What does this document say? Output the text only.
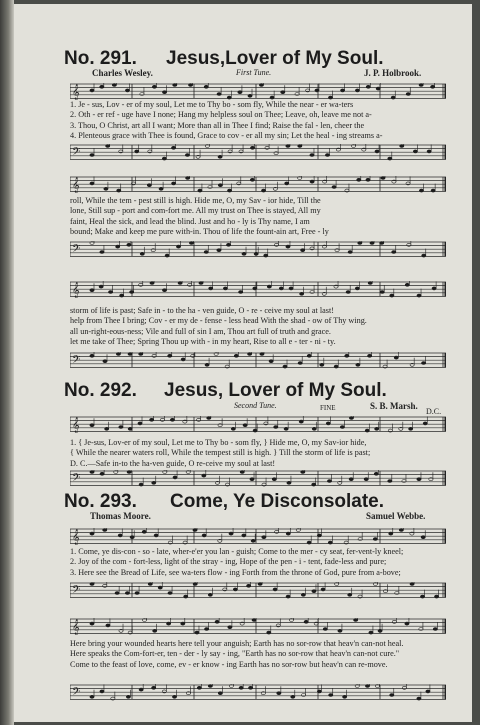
No. 291. Jesus,Lover of My Soul.
Charles Wesley.	First Tune.	J. P. Holbrook.
𝄞
1. Je - sus, Lov - er of my soul, Let me to Thy bo - som fly, While the near - er wa-ters
2. Oth - er ref - uge have I none; Hang my helpless soul on Thee; Leave, oh, leave me not a-
3. Thou, O Christ, art all I want; More than all in Thee I find; Raise the fal - len, cheer the
4. Plenteous grace with Thee is found, Grace to cov - er all my sin; Let the heal - ing streams a-
𝄢
𝄞
roll, While the tem - pest still is high. Hide me, O, my Sav - ior hide, Till the
lone, Still sup - port and com-fort me. All my trust on Thee is stayed, All my
faint, Heal the sick, and lead the blind. Just and ho - ly is Thy name, I am
bound; Make and keep me pure with-in. Thou of life the fount-ain art, Free - ly
𝄢
𝄞
storm of life is past; Safe in - to the ha - ven guide, O - re - ceive my soul at last!
help from Thee I bring; Cov - er my de - fense - less head With the shad - ow of Thy wing.
all un-right-eous-ness; Vile and full of sin I am, Thou art full of truth and grace.
let me take of Thee; Spring Thou up with - in my heart, Rise to all e - ter - ni - ty.
𝄢
No. 292. Jesus, Lover of My Soul.
Second Tune.	FINE	S. B. Marsh.
D.C.
𝄞
1. { Je-sus, Lov-er of my soul, Let me to Thy bo - som fly, } Hide me, O, my Sav-ior hide,
{ While the nearer waters roll, While the tempest still is high. } Till the storm of life is past;
D. C.—Safe in-to the ha-ven guide, O re-ceive my soul at last!
𝄢
No. 293. Come, Ye Disconsolate.
Thomas Moore.	Samuel Webbe.
𝄞
1. Come, ye dis-con - so - late, wher-e'er you lan - guish; Come to the mer - cy seat, fer-vent-ly kneel;
2. Joy of the com - fort-less, light of the stray - ing, Hope of the pen - i - tent, fade-less and pure;
3. Here see the Bread of Life, see wa-ters flow - ing Forth from the throne of God, pure from a-bove;
𝄢
𝄞
Here bring your wounded hearts here tell your anguish; Earth has no sor-row that heav'n can-not heal.
Here speaks the Com-fort-er, ten - der - ly say - ing, "Earth has no sor-row that heav'n can-not cure."
Come to the feast of love, come, ev - er know - ing Earth has no sor-row but heav'n can re-move.
𝄢
